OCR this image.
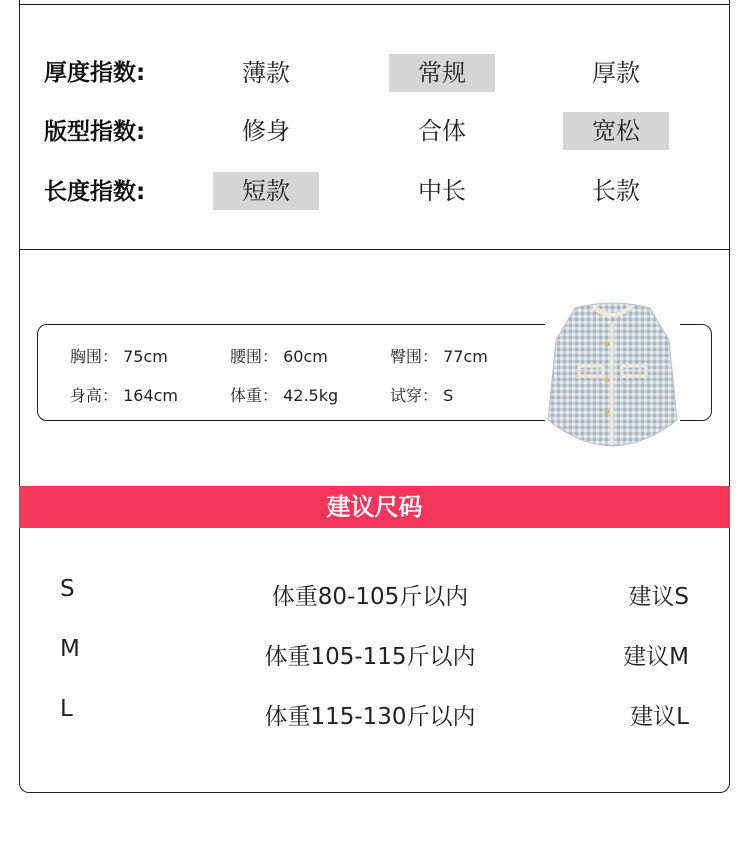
厚度指数:	薄款	常规	厚款
版型指数:	修身	合体	宽松
长度指数:	短款	中长	长款
胸围： 75cm	腰围： 60cm	臀围： 77cm
身高： 164cm	体重： 42.5kg	试穿： S
建议尺码
S	体重80-105斤以内	建议S
M	体重105-115斤以内	建议M
L	体重115-130斤以内	建议L
